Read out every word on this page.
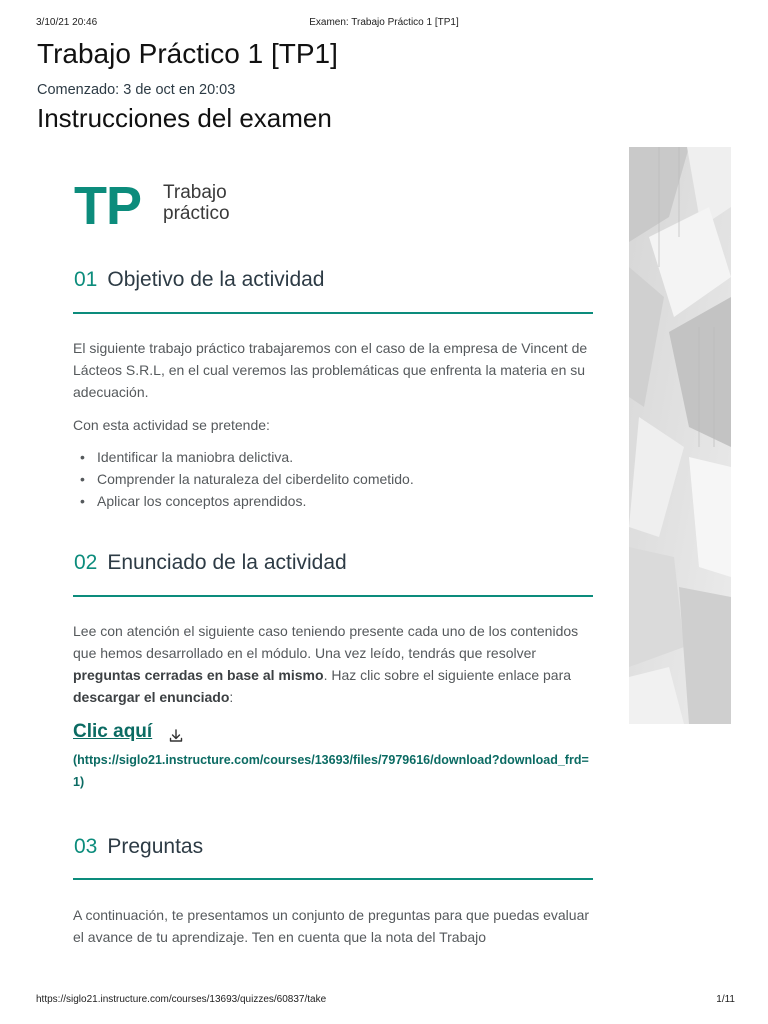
3/10/21 20:46	Examen: Trabajo Práctico 1 [TP1]
Trabajo Práctico 1 [TP1]
Comenzado: 3 de oct en 20:03
Instrucciones del examen
TP Trabajo
práctico
01 Objetivo de la actividad

El siguiente trabajo práctico trabajaremos con el caso de la empresa de Vincent de Lácteos S.R.L, en el cual veremos las problemáticas que enfrenta la materia en su adecuación.

Con esta actividad se pretende:

• Identificar la maniobra delictiva.
• Comprender la naturaleza del ciberdelito cometido.
• Aplicar los conceptos aprendidos.
02 Enunciado de la actividad

Lee con atención el siguiente caso teniendo presente cada uno de los contenidos que hemos desarrollado en el módulo. Una vez leído, tendrás que resolver preguntas cerradas en base al mismo. Haz clic sobre el siguiente enlace para descargar el enunciado:

Clic aquí
(https://siglo21.instructure.com/courses/13693/files/7979616/download?download_frd=1)
03 Preguntas

A continuación, te presentamos un conjunto de preguntas para que puedas evaluar el avance de tu aprendizaje. Ten en cuenta que la nota del Trabajo

https://siglo21.instructure.com/courses/13693/quizzes/60837/take	1/11
